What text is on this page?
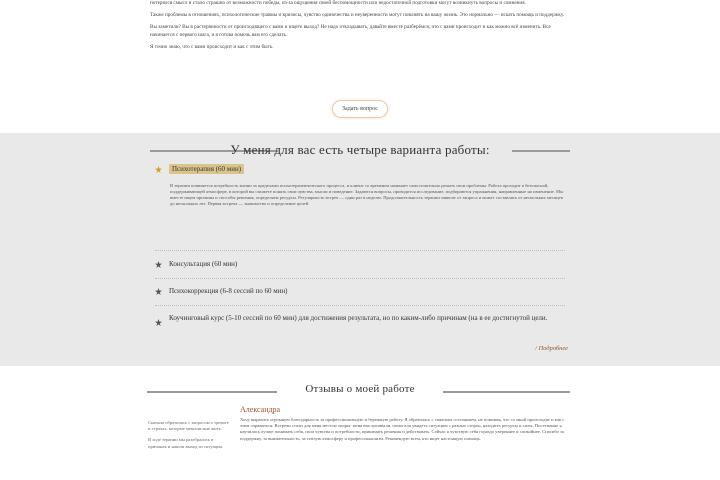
потерялся смысл и стало страшно от возможности победы, из-за ощущения своей беспомощности или недостаточной подготовки могут возникнуть вопросы и сомнения.

Также проблемы в отношениях, психологические травмы и кризисы, чувство одиночества и неуверенности могут повлиять на вашу жизнь. Это нормально — искать помощь и поддержку.

Вы заметили? Вы в растерянности от происходящего с вами и ищете выход? Не надо откладывать, давайте вместе разберёмся, что с вами происходит и как можно всё изменить. Все начинается с первого шага, и я готова помочь вам его сделать.

Я точно знаю, что с вами происходит и как с этим быть.

Задать вопрос
У меня для вас есть четыре варианта работы:
Психотерапия (60 мин)
В терапии появляется потребность жизни за пределами психотерапевтического процесса, и клиент со временем начинает самостоятельно решать свои проблемы. Работа проходит в безопасной, поддерживающей атмосфере, в которой вы сможете понять свои чувства, мысли и поведение. Задаются вопросы, проводится исследование, подбираются упражнения, направленные на изменение. Мы вместе ищем причины и способы решения, определяем ресурсы. Регулярность встреч — один раз в неделю. Продолжительность терапии зависит от запроса и может составлять от нескольких месяцев до нескольких лет. Первая встреча — знакомство и определение целей.
Консультация (60 мин)
Психокоррекция (6-8 сессий по 60 мин)
Коучинговый курс (5-10 сессий по 60 мин) для достижения результата, но по каким-либо причинам (на в ее достигнутой цели.
/ Подробнее
Отзывы о моей работе
Александра

Сначала обратилась с запросом о тревоге и страхах, которые мешали мне жить.

В ходе терапии мы разобрались в причинах и нашли выход из ситуации.

Хочу выразить огромную благодарность за профессиональную и бережную работу. Я обратилась с тяжелым состоянием, не понимая, что со мной происходит и как с этим справиться. Встречи стали для меня местом опоры: меня выслушивали, помогали увидеть ситуацию с разных сторон, находить ресурсы и силы. Постепенно я научилась лучше понимать себя, свои чувства и потребности, принимать решения и действовать. Сейчас я чувствую себя гораздо увереннее и спокойнее. Спасибо за поддержку, за внимательность, за теплую атмосферу и профессионализм. Рекомендую всем, кто ищет настоящую помощь.
